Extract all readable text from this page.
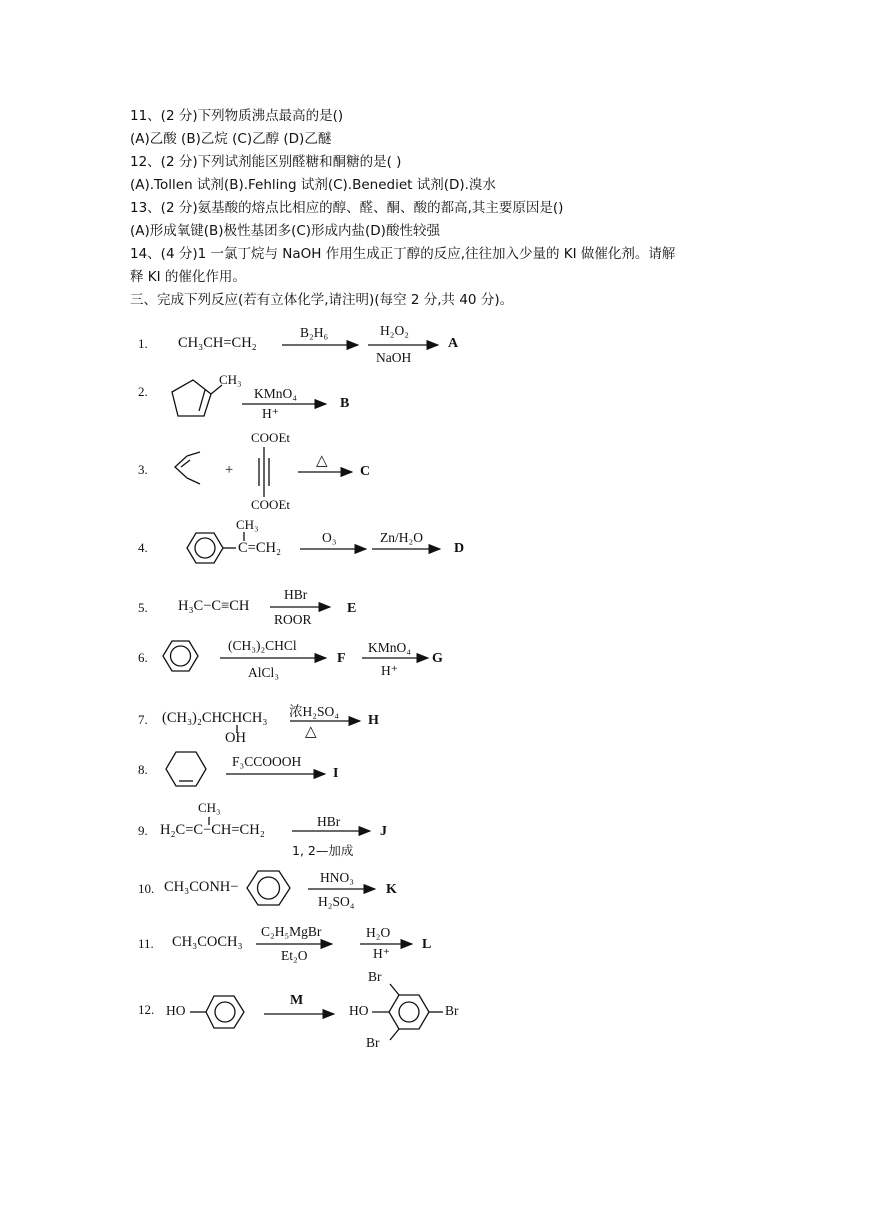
11、(2 分)下列物质沸点最高的是()
(A)乙酸 (B)乙烷 (C)乙醇 (D)乙醚
12、(2 分)下列试剂能区别醛糖和酮糖的是( )
(A).Tollen 试剂(B).Fehling 试剂(C).Benediet 试剂(D).溴水
13、(2 分)氨基酸的熔点比相应的醇、醛、酮、酸的都高,其主要原因是()
(A)形成氧键(B)极性基团多(C)形成内盐(D)酸性较强
14、(4 分)1 一氯丁烷与 NaOH 作用生成正丁醇的反应,往往加入少量的 KI 做催化剂。请解
释 KI 的催化作用。
三、完成下列反应(若有立体化学,请注明)(每空 2 分,共 40 分)。
1. CH₃CH=CH₂
B₂H₆	H₂O₂
NaOH
A
2.
CH₃
KMnO₄
H⁺
B
3.	+
COOEt
COOEt
△
C
4.
CH₃
C=CH₂
O₃	Zn/H₂O
D
5. H₃C−C≡CH
HBr
ROOR
E
6.
(CH₃)₂CHCl
AlCl₃
F
KMnO₄
H⁺
G
7. (CH₃)₂CHCHCH₃
OH
浓H₂SO₄
△
H
8.
F₃CCOOOH
I
9.
CH₃
H₂C=C−CH=CH₂
HBr
1, 2—加成
J
10. CH₃CONH−
HNO₃
H₂SO₄
K
11. CH₃COCH₃
C₂H₅MgBr
Et₂O
H₂O
H⁺
L
12. HO
M
HO
Br
Br
Br
